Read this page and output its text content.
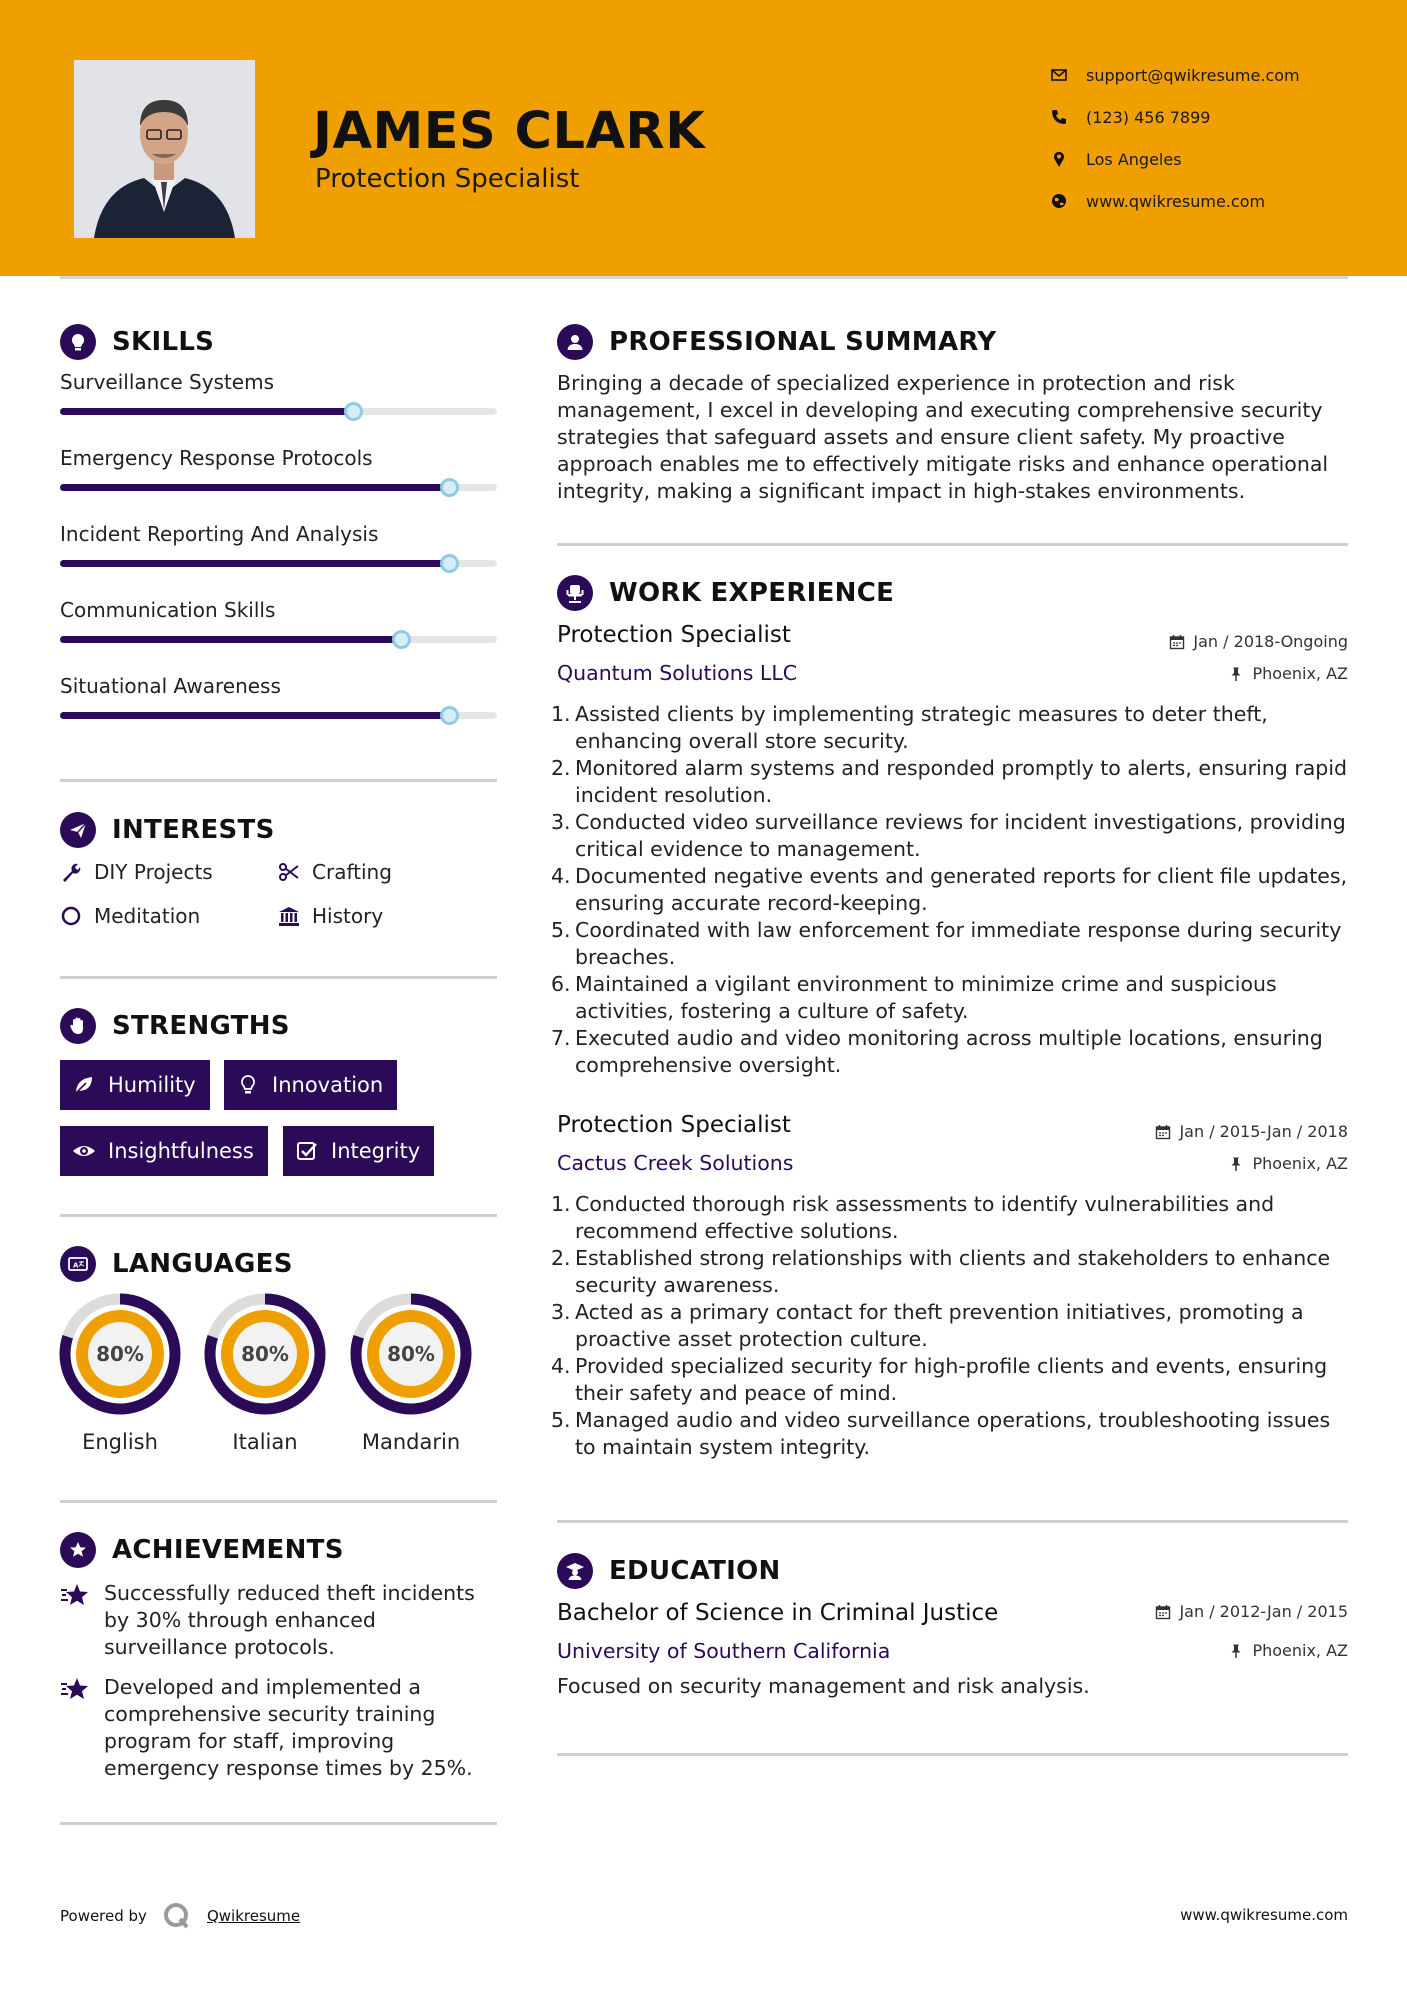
JAMES CLARK
Protection Specialist
support@qwikresume.com
(123) 456 7899
Los Angeles
www.qwikresume.com
SKILLS
Surveillance Systems
Emergency Response Protocols
Incident Reporting And Analysis
Communication Skills
Situational Awareness
INTERESTS
DIY Projects	Crafting
Meditation	History
STRENGTHS
Humility	Innovation
Insightfulness	Integrity
A LANGUAGES
80%
English
80%
Italian
80%
Mandarin
ACHIEVEMENTS
Successfully reduced theft incidents by 30% through enhanced surveillance protocols.
Developed and implemented a comprehensive security training program for staff, improving emergency response times by 25%.
PROFESSIONAL SUMMARY
Bringing a decade of specialized experience in protection and risk management, I excel in developing and executing comprehensive security strategies that safeguard assets and ensure client safety. My proactive approach enables me to effectively mitigate risks and enhance operational integrity, making a significant impact in high-stakes environments.
WORK EXPERIENCE
Protection Specialist	Jan / 2018-Ongoing
Quantum Solutions LLC	Phoenix, AZ
1. Assisted clients by implementing strategic measures to deter theft, enhancing overall store security.
2. Monitored alarm systems and responded promptly to alerts, ensuring rapid incident resolution.
3. Conducted video surveillance reviews for incident investigations, providing critical evidence to management.
4. Documented negative events and generated reports for client file updates, ensuring accurate record-keeping.
5. Coordinated with law enforcement for immediate response during security breaches.
6. Maintained a vigilant environment to minimize crime and suspicious activities, fostering a culture of safety.
7. Executed audio and video monitoring across multiple locations, ensuring comprehensive oversight.
Protection Specialist	Jan / 2015-Jan / 2018
Cactus Creek Solutions	Phoenix, AZ
1. Conducted thorough risk assessments to identify vulnerabilities and recommend effective solutions.
2. Established strong relationships with clients and stakeholders to enhance security awareness.
3. Acted as a primary contact for theft prevention initiatives, promoting a proactive asset protection culture.
4. Provided specialized security for high-profile clients and events, ensuring their safety and peace of mind.
5. Managed audio and video surveillance operations, troubleshooting issues to maintain system integrity.
EDUCATION
Bachelor of Science in Criminal Justice	Jan / 2012-Jan / 2015
University of Southern California	Phoenix, AZ
Focused on security management and risk analysis.
Powered by	Qwikresume	www.qwikresume.com
